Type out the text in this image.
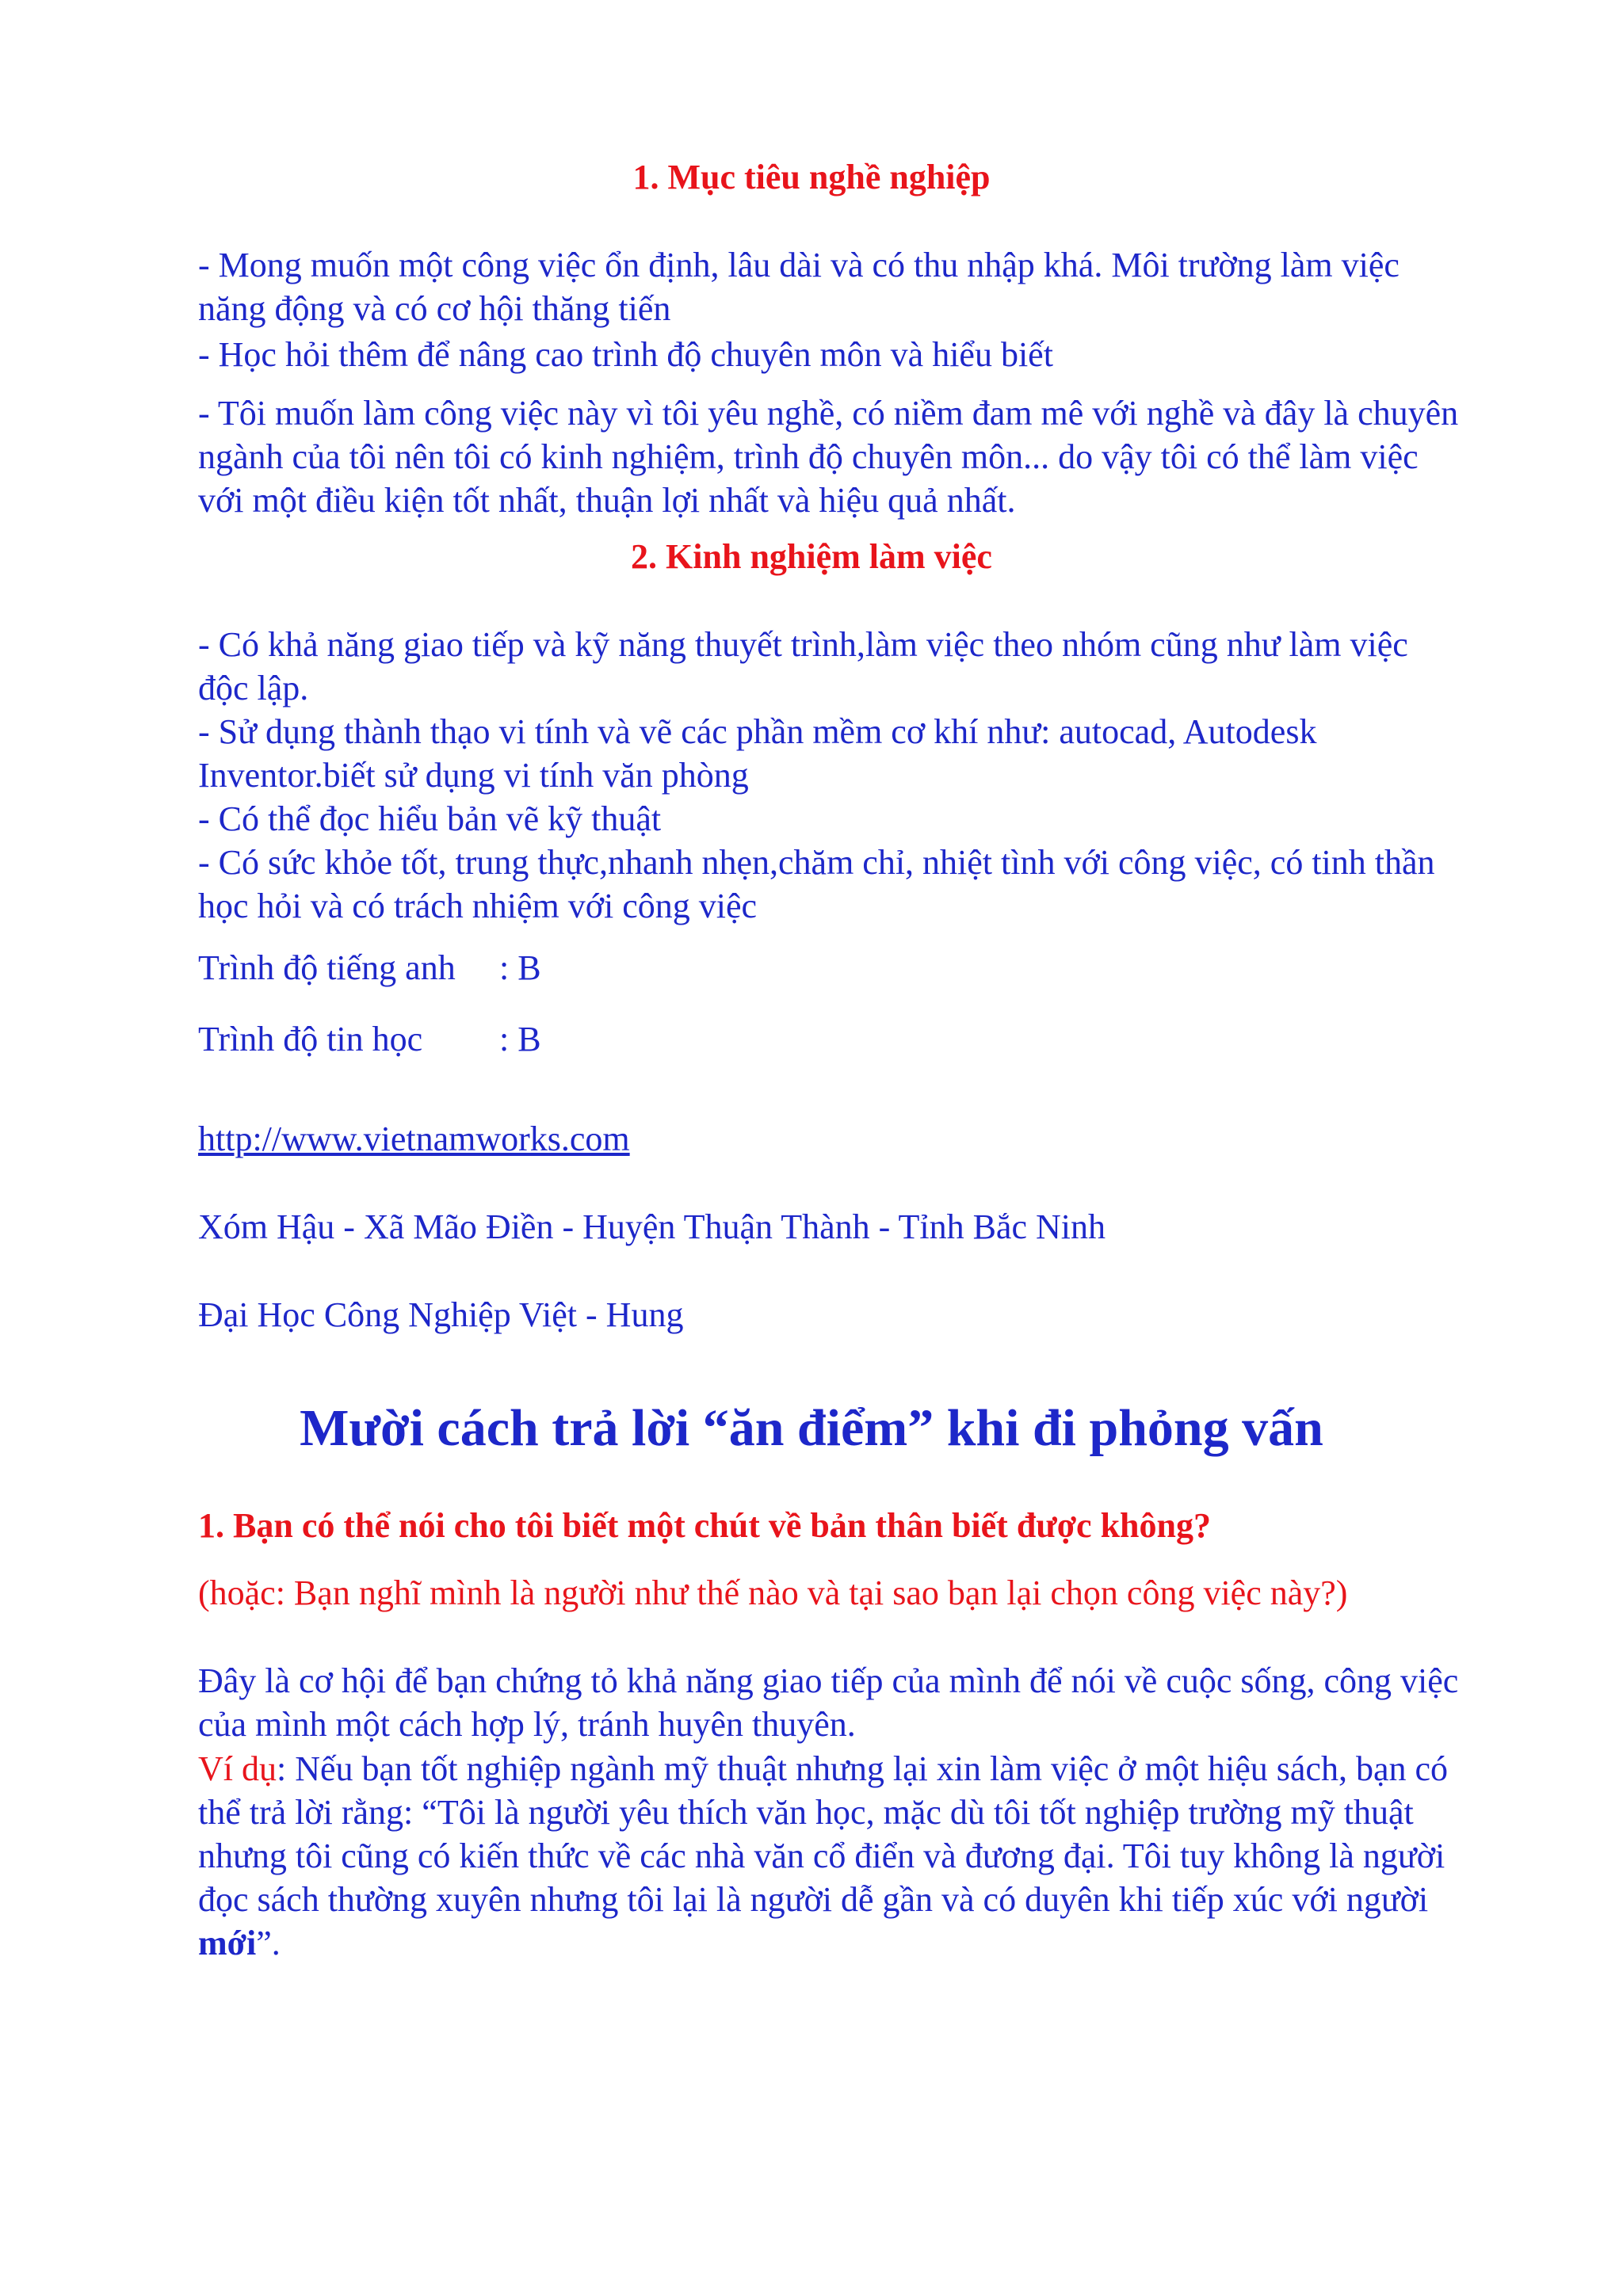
1. Mục tiêu nghề nghiệp

- Mong muốn một công việc ổn định, lâu dài và có thu nhập khá. Môi trường làm việc năng động và có cơ hội thăng tiến

- Học hỏi thêm để nâng cao trình độ chuyên môn và hiểu biết

- Tôi muốn làm công việc này vì tôi yêu nghề, có niềm đam mê với nghề và đây là chuyên ngành của tôi nên tôi có kinh nghiệm, trình độ chuyên môn... do vậy tôi có thể làm việc với một điều kiện tốt nhất, thuận lợi nhất và hiệu quả nhất.

2. Kinh nghiệm làm việc

- Có khả năng giao tiếp và kỹ năng thuyết trình,làm việc theo nhóm cũng như làm việc độc lập.

- Sử dụng thành thạo vi tính và vẽ các phần mềm cơ khí như: autocad, Autodesk Inventor.biết sử dụng vi tính văn phòng

- Có thể đọc hiểu bản vẽ kỹ thuật

- Có sức khỏe tốt, trung thực,nhanh nhẹn,chăm chỉ, nhiệt tình với công việc, có tinh thần học hỏi và có trách nhiệm với công việc

Trình độ tiếng anh : B
Trình độ tin học : B
http://www.vietnamworks.com

Xóm Hậu - Xã Mão Điền - Huyện Thuận Thành - Tỉnh Bắc Ninh

Đại Học Công Nghiệp Việt - Hung

Mười cách trả lời “ăn điểm” khi đi phỏng vấn

1. Bạn có thể nói cho tôi biết một chút về bản thân biết được không?

(hoặc: Bạn nghĩ mình là người như thế nào và tại sao bạn lại chọn công việc này?)

Đây là cơ hội để bạn chứng tỏ khả năng giao tiếp của mình để nói về cuộc sống, công việc của mình một cách hợp lý, tránh huyên thuyên.

Ví dụ: Nếu bạn tốt nghiệp ngành mỹ thuật nhưng lại xin làm việc ở một hiệu sách, bạn có thể trả lời rằng: “Tôi là người yêu thích văn học, mặc dù tôi tốt nghiệp trường mỹ thuật nhưng tôi cũng có kiến thức về các nhà văn cổ điển và đương đại. Tôi tuy không là người đọc sách thường xuyên nhưng tôi lại là người dễ gần và có duyên khi tiếp xúc với người mới”.
